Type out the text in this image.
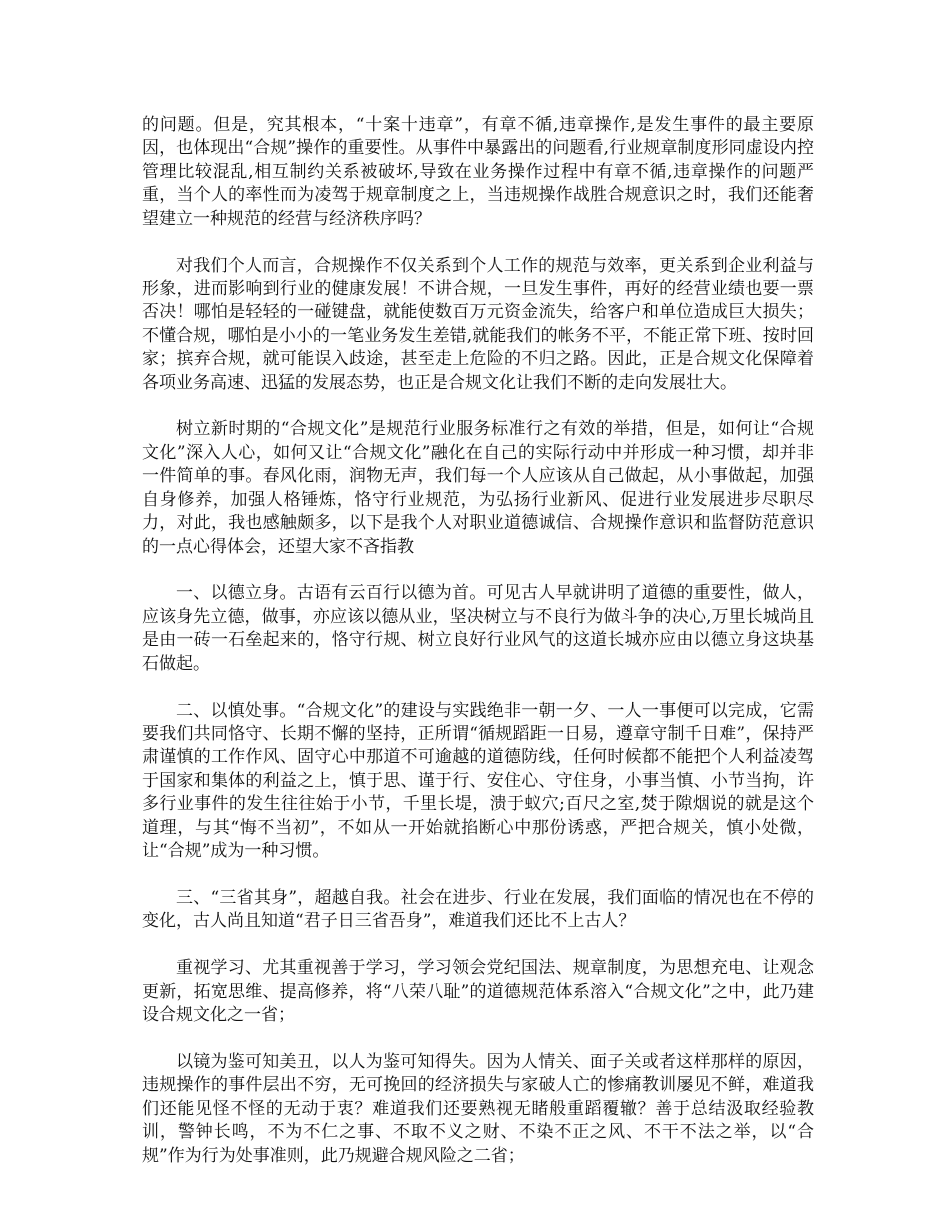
的问题。但是，究其根本，“十案十违章”，有章不循,违章操作,是发生事件的最主要原因，也体现出“合规”操作的重要性。从事件中暴露出的问题看,行业规章制度形同虚设内控管理比较混乱,相互制约关系被破坏,导致在业务操作过程中有章不循,违章操作的问题严重，当个人的率性而为凌驾于规章制度之上，当违规操作战胜合规意识之时，我们还能奢望建立一种规范的经营与经济秩序吗？

对我们个人而言，合规操作不仅关系到个人工作的规范与效率，更关系到企业利益与形象，进而影响到行业的健康发展！不讲合规，一旦发生事件，再好的经营业绩也要一票否决！哪怕是轻轻的一碰键盘，就能使数百万元资金流失，给客户和单位造成巨大损失；不懂合规，哪怕是小小的一笔业务发生差错,就能我们的帐务不平，不能正常下班、按时回家；摈弃合规，就可能误入歧途，甚至走上危险的不归之路。因此，正是合规文化保障着各项业务高速、迅猛的发展态势，也正是合规文化让我们不断的走向发展壮大。

树立新时期的“合规文化”是规范行业服务标准行之有效的举措，但是，如何让“合规文化”深入人心，如何又让“合规文化”融化在自己的实际行动中并形成一种习惯，却并非一件简单的事。春风化雨，润物无声，我们每一个人应该从自己做起，从小事做起，加强自身修养，加强人格锤炼，恪守行业规范，为弘扬行业新风、促进行业发展进步尽职尽力，对此，我也感触颇多，以下是我个人对职业道德诚信、合规操作意识和监督防范意识的一点心得体会，还望大家不吝指教

一、以德立身。古语有云百行以德为首。可见古人早就讲明了道德的重要性，做人，应该身先立德，做事，亦应该以德从业，坚决树立与不良行为做斗争的决心,万里长城尚且是由一砖一石垒起来的，恪守行规、树立良好行业风气的这道长城亦应由以德立身这块基石做起。

二、以慎处事。“合规文化”的建设与实践绝非一朝一夕、一人一事便可以完成，它需要我们共同恪守、长期不懈的坚持，正所谓“循规蹈距一日易，遵章守制千日难”，保持严肃谨慎的工作作风、固守心中那道不可逾越的道德防线，任何时候都不能把个人利益凌驾于国家和集体的利益之上，慎于思、谨于行、安住心、守住身，小事当慎、小节当拘，许多行业事件的发生往往始于小节，千里长堤，溃于蚁穴;百尺之室,焚于隙烟说的就是这个道理，与其“悔不当初”，不如从一开始就掐断心中那份诱惑，严把合规关，慎小处微，让“合规”成为一种习惯。

三、“三省其身”，超越自我。社会在进步、行业在发展，我们面临的情况也在不停的变化，古人尚且知道“君子日三省吾身”，难道我们还比不上古人？

重视学习、尤其重视善于学习，学习领会党纪国法、规章制度，为思想充电、让观念更新，拓宽思维、提高修养，将“八荣八耻”的道德规范体系溶入“合规文化”之中，此乃建设合规文化之一省；

以镜为鉴可知美丑，以人为鉴可知得失。因为人情关、面子关或者这样那样的原因，违规操作的事件层出不穷，无可挽回的经济损失与家破人亡的惨痛教训屡见不鲜，难道我们还能见怪不怪的无动于衷？难道我们还要熟视无睹般重蹈覆辙？善于总结汲取经验教训，警钟长鸣，不为不仁之事、不取不义之财、不染不正之风、不干不法之举，以“合规”作为行为处事准则，此乃规避合规风险之二省；
